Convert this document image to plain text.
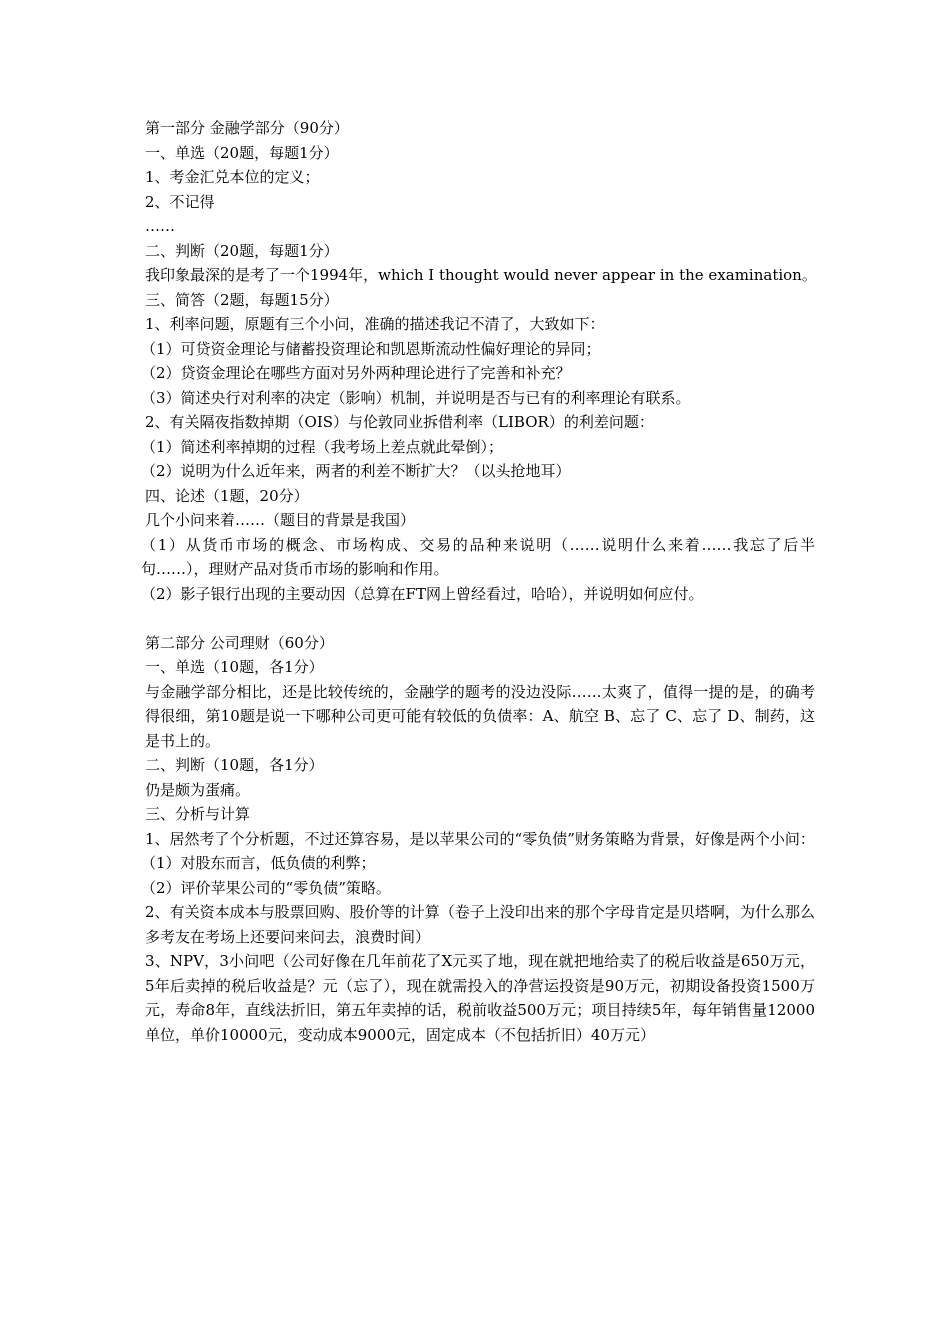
第一部分 金融学部分（90分）

一、单选（20题，每题1分）

1、考金汇兑本位的定义；

2、不记得

……

二、判断（20题，每题1分）

我印象最深的是考了一个1994年，which I thought would never appear in the examination。

三、简答（2题，每题15分）

1、利率问题，原题有三个小问，准确的描述我记不清了，大致如下：

（1）可贷资金理论与储蓄投资理论和凯恩斯流动性偏好理论的异同；

（2）贷资金理论在哪些方面对另外两种理论进行了完善和补充？

（3）简述央行对利率的决定（影响）机制，并说明是否与已有的利率理论有联系。

2、有关隔夜指数掉期（OIS）与伦敦同业拆借利率（LIBOR）的利差问题：

（1）简述利率掉期的过程（我考场上差点就此晕倒）；

（2）说明为什么近年来，两者的利差不断扩大？（以头抢地耳）

四、论述（1题，20分）

几个小问来着……（题目的背景是我国）

（1）从货币市场的概念、市场构成、交易的品种来说明（……说明什么来着……我忘了后半句……），理财产品对货币市场的影响和作用。

（2）影子银行出现的主要动因（总算在FT网上曾经看过，哈哈），并说明如何应付。

第二部分 公司理财（60分）

一、单选（10题，各1分）

与金融学部分相比，还是比较传统的，金融学的题考的没边没际……太爽了，值得一提的是，的确考得很细，第10题是说一下哪种公司更可能有较低的负债率：A、航空 B、忘了 C、忘了 D、制药，这是书上的。

二、判断（10题，各1分）

仍是颇为蛋痛。

三、分析与计算

1、居然考了个分析题，不过还算容易，是以苹果公司的“零负债”财务策略为背景，好像是两个小问：

（1）对股东而言，低负债的利弊；

（2）评价苹果公司的“零负债”策略。

2、有关资本成本与股票回购、股价等的计算（卷子上没印出来的那个字母肯定是贝塔啊，为什么那么多考友在考场上还要问来问去，浪费时间）

3、NPV，3小问吧（公司好像在几年前花了X元买了地，现在就把地给卖了的税后收益是650万元，5年后卖掉的税后收益是？元（忘了），现在就需投入的净营运投资是90万元，初期设备投资1500万元，寿命8年，直线法折旧，第五年卖掉的话，税前收益500万元；项目持续5年，每年销售量12000单位，单价10000元，变动成本9000元，固定成本（不包括折旧）40万元）
